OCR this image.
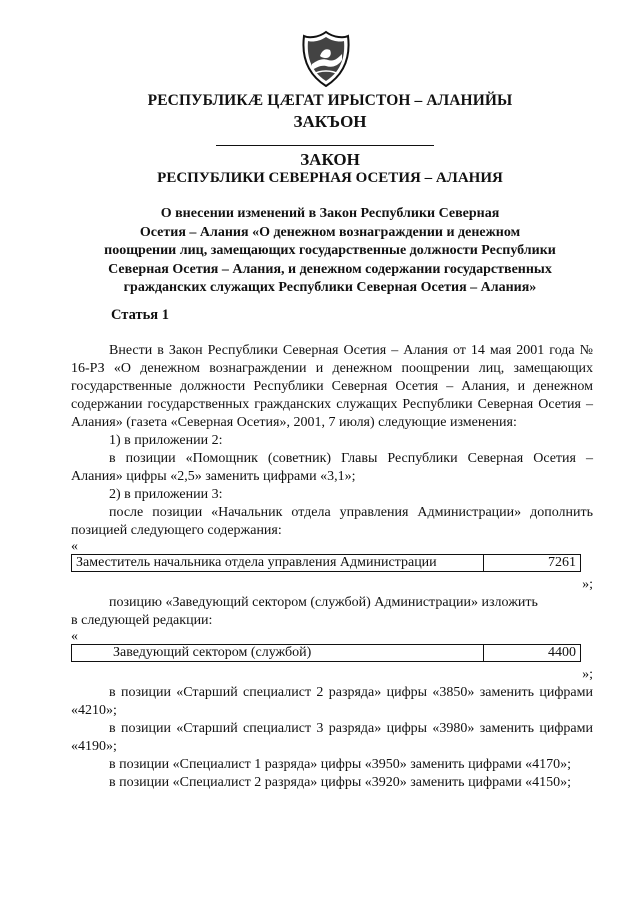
РЕСПУБЛИКӔ ЦӔГАТ ИРЫСТОН – АЛАНИЙЫ
ЗАКЪОН
ЗАКОН
РЕСПУБЛИКИ СЕВЕРНАЯ ОСЕТИЯ – АЛАНИЯ
О внесении изменений в Закон Республики Северная
Осетия – Алания «О денежном вознаграждении и денежном
поощрении лиц, замещающих государственные должности Республики
Северная Осетия – Алания, и денежном содержании государственных
гражданских служащих Республики Северная Осетия – Алания»
Статья 1

Внести в Закон Республики Северная Осетия – Алания от 14 мая 2001 года № 16-РЗ «О денежном вознаграждении и денежном поощрении лиц, замещающих государственные должности Республики Северная Осетия – Алания, и денежном содержании государственных гражданских служащих Республики Северная Осетия – Алания» (газета «Северная Осетия», 2001, 7 июля) следующие изменения:

1) в приложении 2:

в позиции «Помощник (советник) Главы Республики Северная Осетия – Алания» цифры «2,5» заменить цифрами «3,1»;

2) в приложении 3:

после позиции «Начальник отдела управления Администрации» дополнить позицией следующего содержания:

«

Заместитель начальника отдела управления Администрации	7261

»;

позицию «Заведующий сектором (службой) Администрации» изложить

в следующей редакции:

«

Заведующий сектором (службой)	4400

»;

в позиции «Старший специалист 2 разряда» цифры «3850» заменить цифрами «4210»;

в позиции «Старший специалист 3 разряда» цифры «3980» заменить цифрами «4190»;

в позиции «Специалист 1 разряда» цифры «3950» заменить цифрами «4170»;

в позиции «Специалист 2 разряда» цифры «3920» заменить цифрами «4150»;
